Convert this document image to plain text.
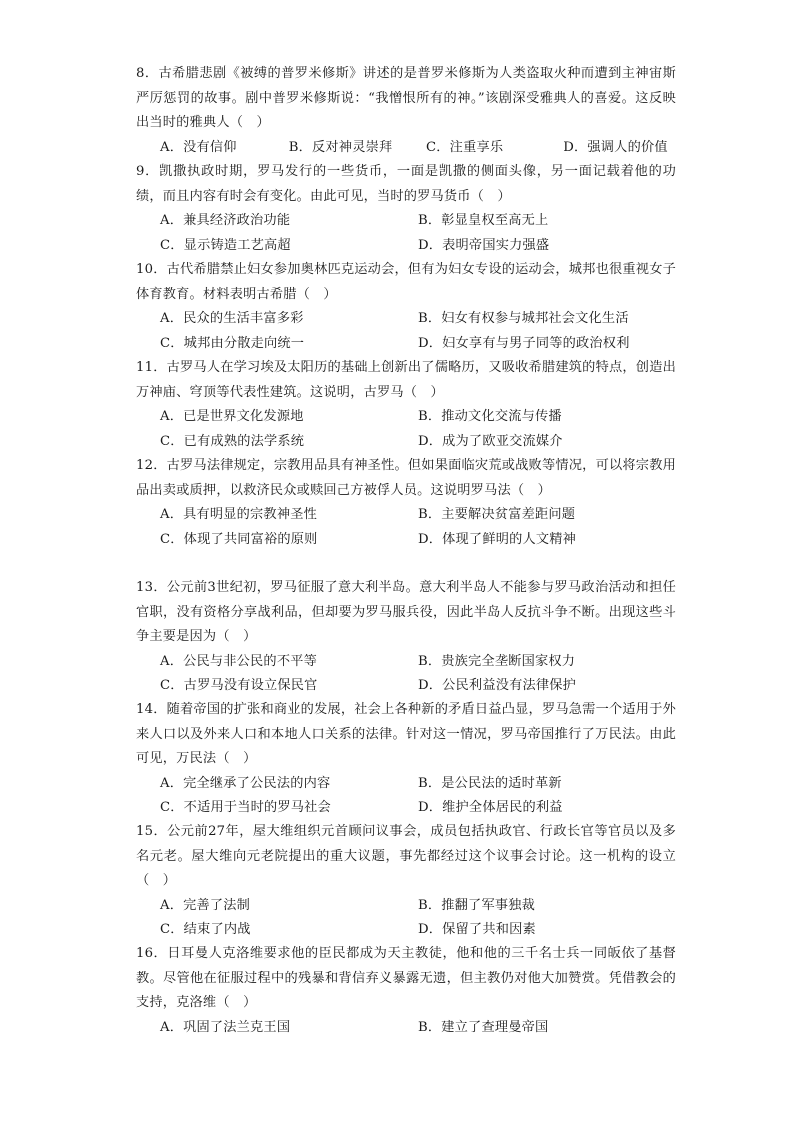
8．古希腊悲剧《被缚的普罗米修斯》讲述的是普罗米修斯为人类盗取火种而遭到主神宙斯严厉惩罚的故事。剧中普罗米修斯说：“我憎恨所有的神。”该剧深受雅典人的喜爱。这反映出当时的雅典人（　）

A．没有信仰	B．反对神灵崇拜	C．注重享乐	D．强调人的价值

9．凯撒执政时期，罗马发行的一些货币，一面是凯撒的侧面头像，另一面记载着他的功绩，而且内容有时会有变化。由此可见，当时的罗马货币（　）

A．兼具经济政治功能	B．彰显皇权至高无上
C．显示铸造工艺高超	D．表明帝国实力强盛

10．古代希腊禁止妇女参加奥林匹克运动会，但有为妇女专设的运动会，城邦也很重视女子体育教育。材料表明古希腊（　）

A．民众的生活丰富多彩	B．妇女有权参与城邦社会文化生活
C．城邦由分散走向统一	D．妇女享有与男子同等的政治权利

11．古罗马人在学习埃及太阳历的基础上创新出了儒略历，又吸收希腊建筑的特点，创造出万神庙、穹顶等代表性建筑。这说明，古罗马（　）

A．已是世界文化发源地	B．推动文化交流与传播
C．已有成熟的法学系统	D．成为了欧亚交流媒介

12．古罗马法律规定，宗教用品具有神圣性。但如果面临灾荒或战败等情况，可以将宗教用品出卖或质押，以救济民众或赎回己方被俘人员。这说明罗马法（　）

A．具有明显的宗教神圣性	B．主要解决贫富差距问题
C．体现了共同富裕的原则	D．体现了鲜明的人文精神

13．公元前3世纪初，罗马征服了意大利半岛。意大利半岛人不能参与罗马政治活动和担任官职，没有资格分享战利品，但却要为罗马服兵役，因此半岛人反抗斗争不断。出现这些斗争主要是因为（　）

A．公民与非公民的不平等	B．贵族完全垄断国家权力
C．古罗马没有设立保民官	D．公民利益没有法律保护

14．随着帝国的扩张和商业的发展，社会上各种新的矛盾日益凸显，罗马急需一个适用于外来人口以及外来人口和本地人口关系的法律。针对这一情况，罗马帝国推行了万民法。由此可见，万民法（　）

A．完全继承了公民法的内容	B．是公民法的适时革新
C．不适用于当时的罗马社会	D．维护全体居民的利益

15．公元前27年，屋大维组织元首顾问议事会，成员包括执政官、行政长官等官员以及多名元老。屋大维向元老院提出的重大议题，事先都经过这个议事会讨论。这一机构的设立（　）

A．完善了法制	B．推翻了军事独裁
C．结束了内战	D．保留了共和因素

16．日耳曼人克洛维要求他的臣民都成为天主教徒，他和他的三千名士兵一同皈依了基督教。尽管他在征服过程中的残暴和背信弃义暴露无遗，但主教仍对他大加赞赏。凭借教会的支持，克洛维（　）

A．巩固了法兰克王国	B．建立了查理曼帝国
